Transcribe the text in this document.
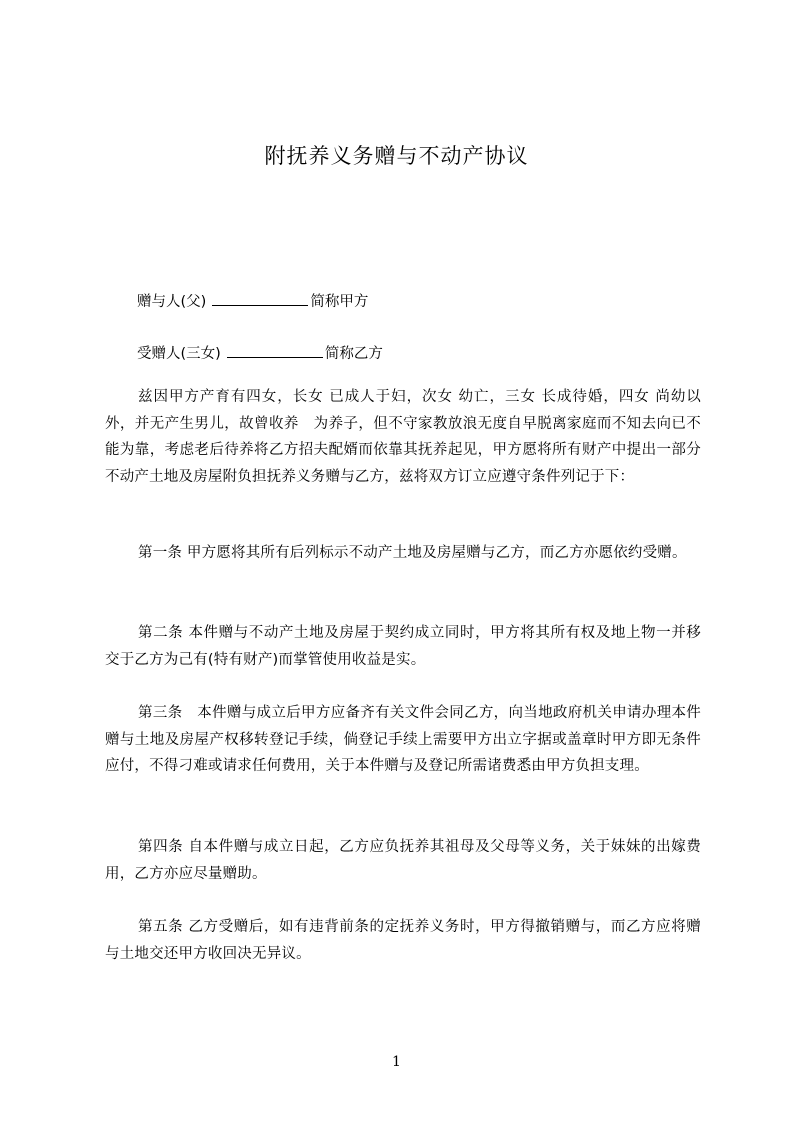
附抚养义务赠与不动产协议
赠与人(父)	简称甲方
受赠人(三女)	简称乙方

兹因甲方产育有四女，长女 已成人于妇，次女 幼亡，三女 长成待婚，四女 尚幼以外，并无产生男儿，故曾收养　为养子，但不守家教放浪无度自早脱离家庭而不知去向已不能为靠，考虑老后待养将乙方招夫配婿而依靠其抚养起见，甲方愿将所有财产中提出一部分不动产土地及房屋附负担抚养义务赠与乙方，兹将双方订立应遵守条件列记于下：

第一条 甲方愿将其所有后列标示不动产土地及房屋赠与乙方，而乙方亦愿依约受赠。

第二条 本件赠与不动产土地及房屋于契约成立同时，甲方将其所有权及地上物一并移交于乙方为己有(特有财产)而掌管使用收益是实。

第三条　本件赠与成立后甲方应备齐有关文件会同乙方，向当地政府机关申请办理本件赠与土地及房屋产权移转登记手续，倘登记手续上需要甲方出立字据或盖章时甲方即无条件应付，不得刁难或请求任何费用，关于本件赠与及登记所需诸费悉由甲方负担支理。

第四条 自本件赠与成立日起，乙方应负抚养其祖母及父母等义务，关于妹妹的出嫁费用，乙方亦应尽量赠助。

第五条 乙方受赠后，如有违背前条的定抚养义务时，甲方得撤销赠与，而乙方应将赠与土地交还甲方收回决无异议。

1
